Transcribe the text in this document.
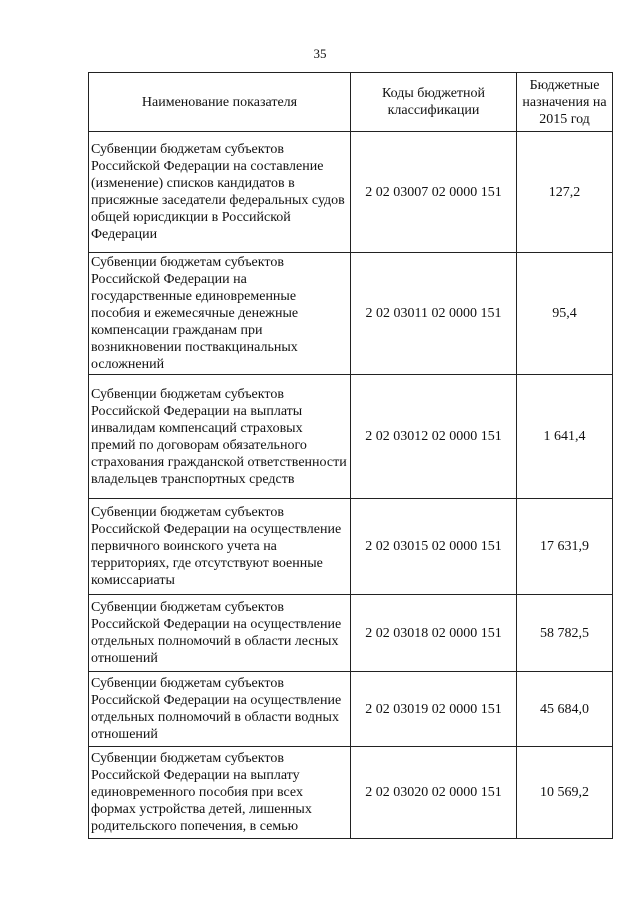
35
Наименование показателя	Коды бюджетной классификации	Бюджетные назначения на 2015 год
Субвенции бюджетам субъектов Российской Федерации на составление (изменение) списков кандидатов в присяжные заседатели федеральных судов общей юрисдикции в Российской Федерации	2 02 03007 02 0000 151	127,2
Субвенции бюджетам субъектов Российской Федерации на государственные единовременные пособия и ежемесячные денежные компенсации гражданам при возникновении поствакцинальных осложнений	2 02 03011 02 0000 151	95,4
Субвенции бюджетам субъектов Российской Федерации на выплаты инвалидам компенсаций страховых премий по договорам обязательного страхования гражданской ответственности владельцев транспортных средств	2 02 03012 02 0000 151	1 641,4
Субвенции бюджетам субъектов Российской Федерации на осуществление первичного воинского учета на территориях, где отсутствуют военные комиссариаты	2 02 03015 02 0000 151	17 631,9
Субвенции бюджетам субъектов Российской Федерации на осуществление отдельных полномочий в области лесных отношений	2 02 03018 02 0000 151	58 782,5
Субвенции бюджетам субъектов Российской Федерации на осуществление отдельных полномочий в области водных отношений	2 02 03019 02 0000 151	45 684,0
Субвенции бюджетам субъектов Российской Федерации на выплату единовременного пособия при всех формах устройства детей, лишенных родительского попечения, в семью	2 02 03020 02 0000 151	10 569,2
